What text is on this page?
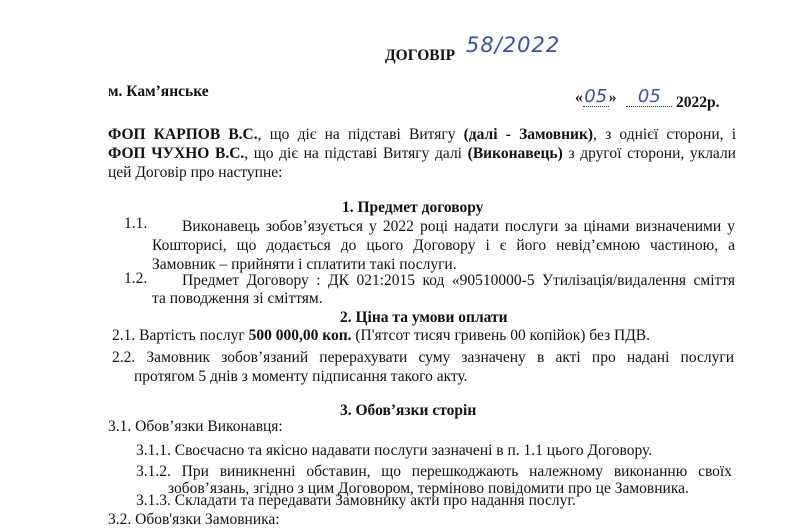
ДОГОВІР 58/2022
м. Кам’янське	«05» 05 2022р.
ФОП КАРПОВ В.С., що діє на підставі Витягу (далі - Замовник), з однієї сторони, і
ФОП ЧУХНО В.С., що діє на підставі Витягу далі (Виконавець) з другої сторони, уклали
цей Договір про наступне:
1. Предмет договору
1.1. Виконавець зобов’язується у 2022 році надати послуги за цінами визначеними у
Кошторисі, що додається до цього Договору і є його невід’ємною частиною, а
Замовник – прийняти і сплатити такі послуги.
1.2. Предмет Договору : ДК 021:2015 код «90510000-5 Утилізація/видалення сміття
та поводження зі сміттям.
2. Ціна та умови оплати
2.1. Вартість послуг 500 000,00 коп. (П'ятсот тисяч гривень 00 копійок) без ПДВ.
2.2. Замовник зобов’язаний перерахувати суму зазначену в акті про надані послуги
протягом 5 днів з моменту підписання такого акту.
3. Обов’язки сторін
3.1. Обов’язки Виконавця:
3.1.1. Своєчасно та якісно надавати послуги зазначені в п. 1.1 цього Договору.
3.1.2. При виникненні обставин, що перешкоджають належному виконанню своїх
зобов’язань, згідно з цим Договором, терміново повідомити про це Замовника.
3.1.3. Складати та передавати Замовнику акти про надання послуг.
3.2. Обов'язки Замовника:
